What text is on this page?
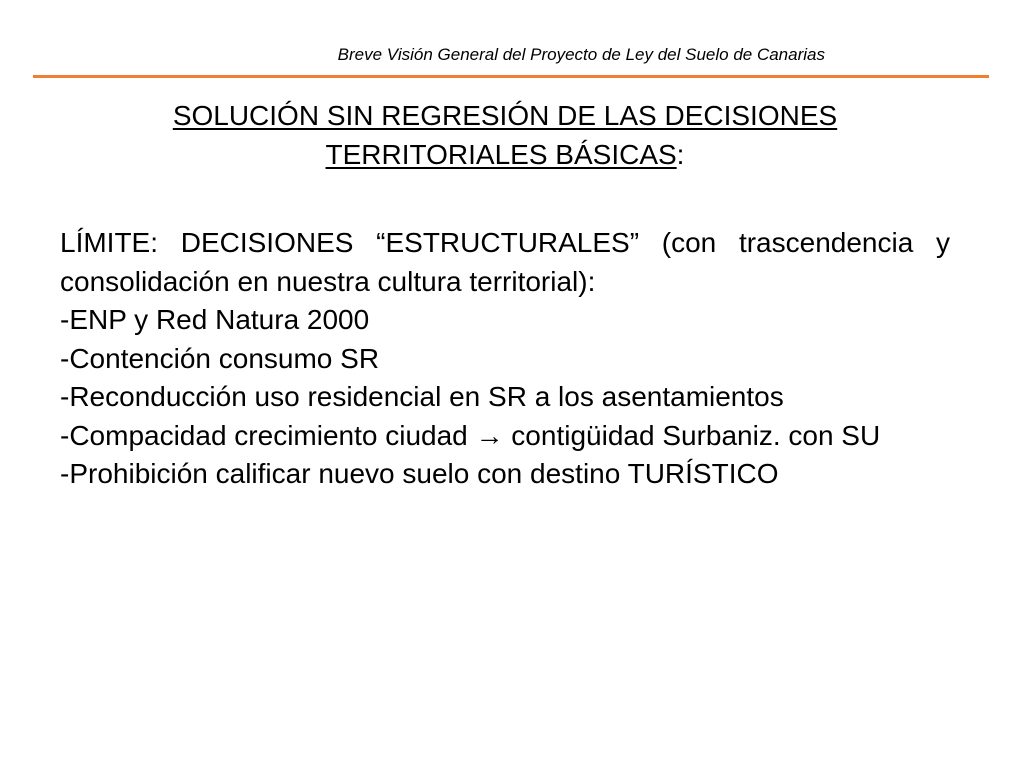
Breve Visión General del Proyecto de Ley del Suelo de Canarias
SOLUCIÓN SIN REGRESIÓN DE LAS DECISIONES TERRITORIALES BÁSICAS:
LÍMITE: DECISIONES “ESTRUCTURALES” (con trascendencia y consolidación en nuestra cultura territorial):
-ENP y Red Natura 2000
-Contención consumo SR
-Reconducción uso residencial en SR a los asentamientos
-Compacidad crecimiento ciudad → contigüidad Surbaniz. con SU
-Prohibición calificar nuevo suelo con destino TURÍSTICO
